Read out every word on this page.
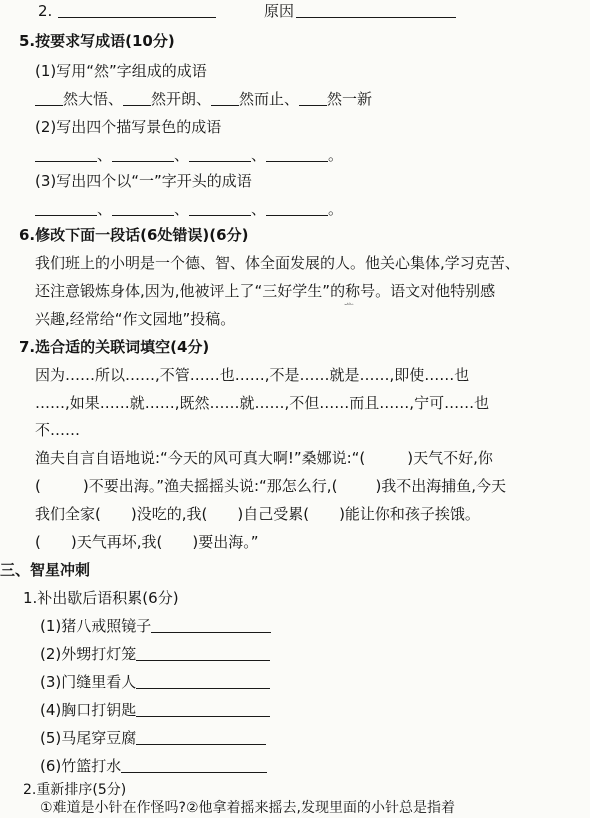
2.	原因
5.按要求写成语(10分)
(1)写用“然”字组成的成语
然大悟、 然开朗、 然而止、 然一新
(2)写出四个描写景色的成语
、	、	、	。
(3)写出四个以“一”字开头的成语
、	、	、	。
6.修改下面一段话(6处错误)(6分)
我们班上的小明是一个德、智、体全面发展的人。他关心集体,学习克苦、
还注意锻炼身体,因为,他被评上了“三好学生”的称号。语文对他特别感
兴趣,经常给“作文园地”投稿。
ᅭ
7.选合适的关联词填空(4分)
因为……所以……,不管……也……,不是……就是……,即使……也
……,如果……就……,既然……就……,不但……而且……,宁可……也
不……
渔夫自言自语地说:“今天的风可真大啊!”桑娜说:“(	)天气不好,你
(	)不要出海。”渔夫摇摇头说:“那怎么行,(	)我不出海捕鱼,今天
我们全家( )没吃的,我( )自己受累( )能让你和孩子挨饿。
( )天气再坏,我( )要出海。”
三、智星冲刺
1.补出歇后语积累(6分)
(1)猪八戒照镜子
(2)外甥打灯笼
(3)门缝里看人
(4)胸口打钥匙
(5)马尾穿豆腐
(6)竹篮打水
2.重新排序(5分)
①难道是小针在作怪吗?②他拿着摇来摇去,发现里面的小针总是指着
